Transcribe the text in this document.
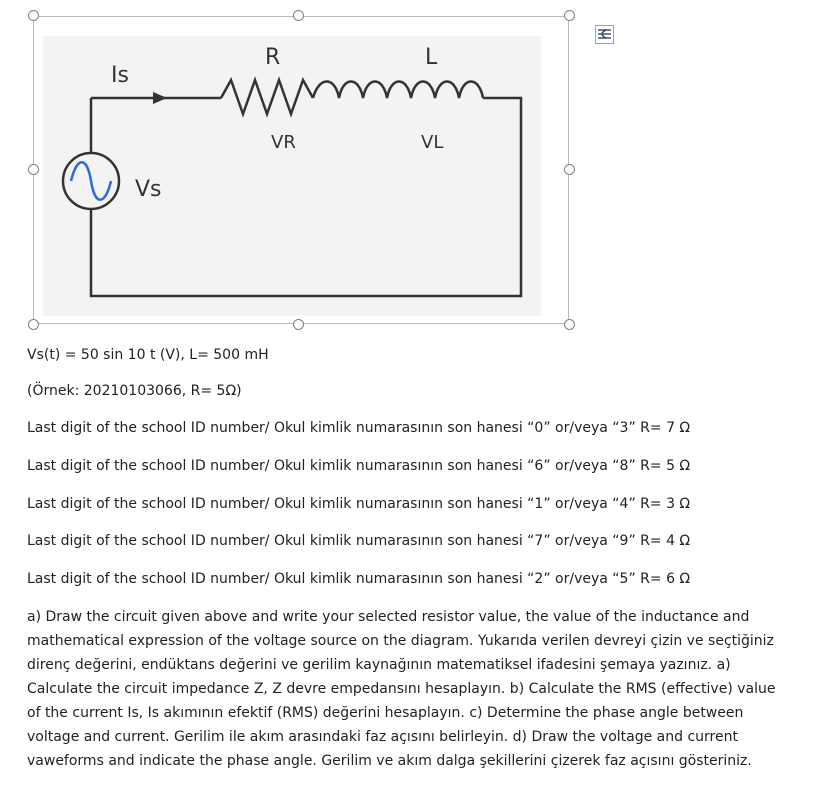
R	L
Is
VR	VL
Vs
Vs(t) = 50 sin 10 t (V), L= 500 mH
(Örnek: 20210103066, R= 5Ω)
Last digit of the school ID number/ Okul kimlik numarasının son hanesi “0” or/veya “3” R= 7 Ω
Last digit of the school ID number/ Okul kimlik numarasının son hanesi “6” or/veya “8” R= 5 Ω
Last digit of the school ID number/ Okul kimlik numarasının son hanesi “1” or/veya “4” R= 3 Ω
Last digit of the school ID number/ Okul kimlik numarasının son hanesi “7” or/veya “9” R= 4 Ω
Last digit of the school ID number/ Okul kimlik numarasının son hanesi “2” or/veya “5” R= 6 Ω
a) Draw the circuit given above and write your selected resistor value, the value of the inductance and mathematical expression of the voltage source on the diagram. Yukarıda verilen devreyi çizin ve seçtiğiniz direnç değerini, endüktans değerini ve gerilim kaynağının matematiksel ifadesini şemaya yazınız. a) Calculate the circuit impedance Z, Z devre empedansını hesaplayın. b) Calculate the RMS (effective) value of the current Is, Is akımının efektif (RMS) değerini hesaplayın. c) Determine the phase angle between voltage and current. Gerilim ile akım arasındaki faz açısını belirleyin. d) Draw the voltage and current vaweforms and indicate the phase angle. Gerilim ve akım dalga şekillerini çizerek faz açısını gösteriniz.
